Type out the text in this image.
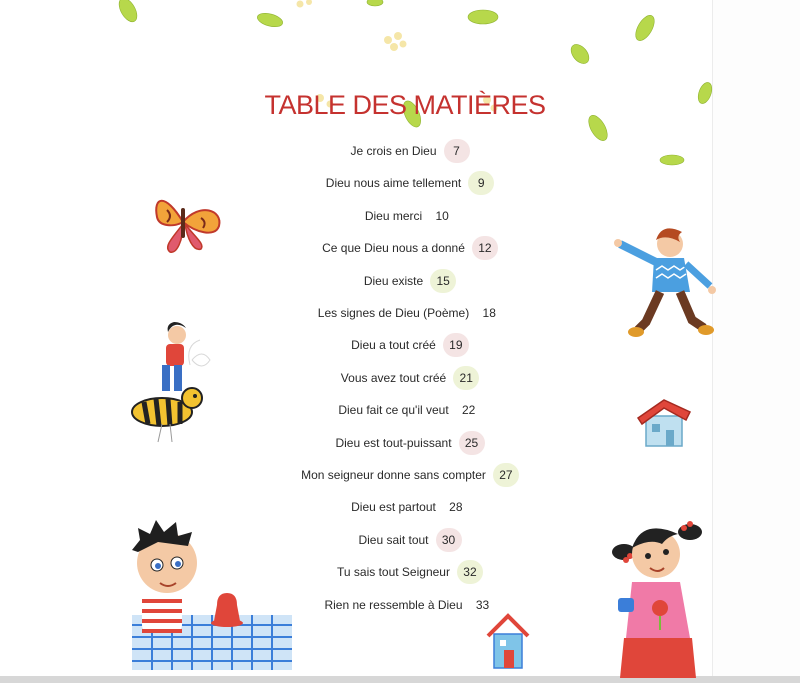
TABLE DES MATIÈRES
Je crois en Dieu	7
Dieu nous aime tellement	9
Dieu merci	10
Ce que Dieu nous a donné	12
Dieu existe	15
Les signes de Dieu (Poème)	18
Dieu a tout créé	19
Vous avez tout créé	21
Dieu fait ce qu'il veut	22
Dieu est tout-puissant	25
Mon seigneur donne sans compter	27
Dieu est partout	28
Dieu sait tout	30
Tu sais tout Seigneur	32
Rien ne ressemble à Dieu	33
